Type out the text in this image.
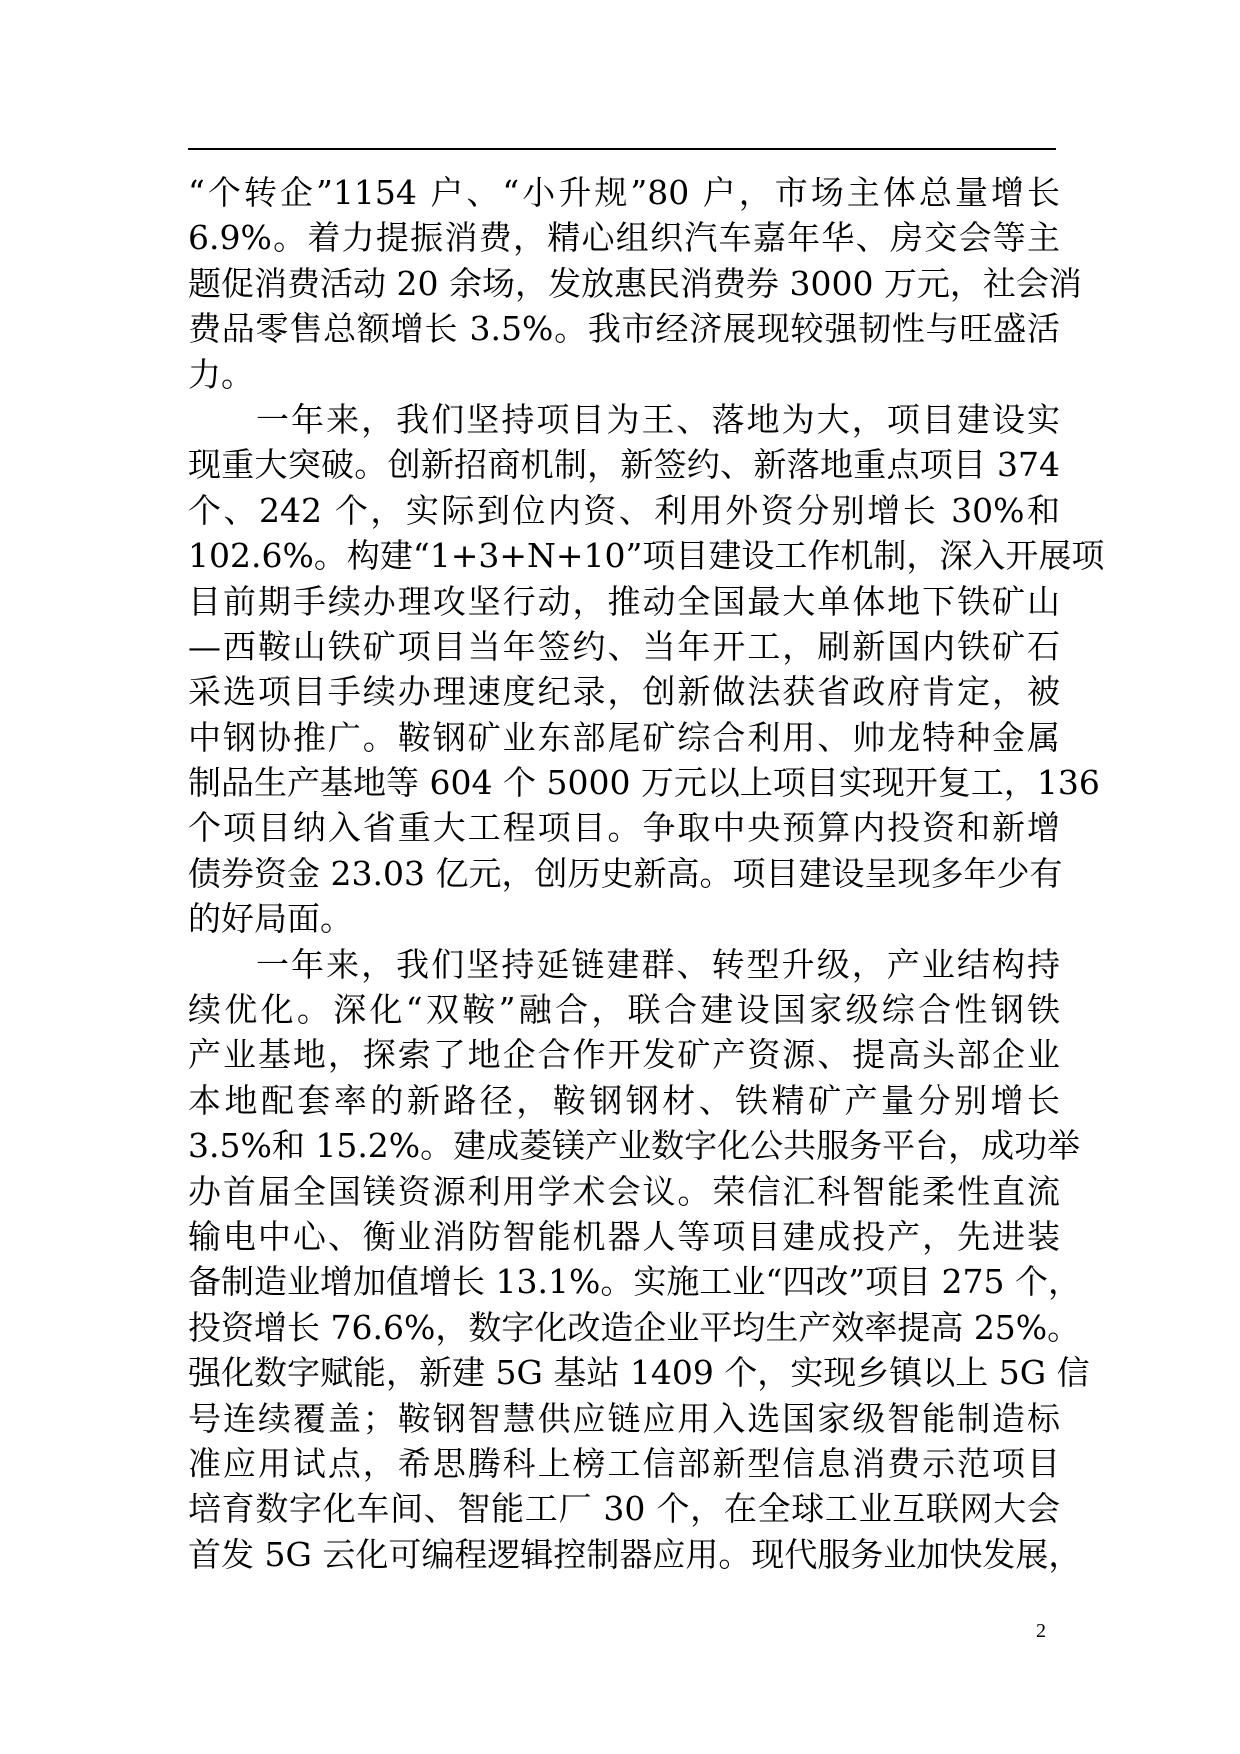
“个转企”1154 户、“小升规”80 户，市场主体总量增长
6.9%。着力提振消费，精心组织汽车嘉年华、房交会等主
题促消费活动 20 余场，发放惠民消费券 3000 万元，社会消
费品零售总额增长 3.5%。我市经济展现较强韧性与旺盛活
力。
一年来，我们坚持项目为王、落地为大，项目建设实
现重大突破。创新招商机制，新签约、新落地重点项目 374
个、242 个，实际到位内资、利用外资分别增长 30%和
102.6%。构建“1+3+N+10”项目建设工作机制，深入开展项
目前期手续办理攻坚行动，推动全国最大单体地下铁矿山
—西鞍山铁矿项目当年签约、当年开工，刷新国内铁矿石
采选项目手续办理速度纪录，创新做法获省政府肯定，被
中钢协推广。鞍钢矿业东部尾矿综合利用、帅龙特种金属
制品生产基地等 604 个 5000 万元以上项目实现开复工，136
个项目纳入省重大工程项目。争取中央预算内投资和新增
债券资金 23.03 亿元，创历史新高。项目建设呈现多年少有
的好局面。
一年来，我们坚持延链建群、转型升级，产业结构持
续优化。深化“双鞍”融合，联合建设国家级综合性钢铁
产业基地，探索了地企合作开发矿产资源、提高头部企业
本地配套率的新路径，鞍钢钢材、铁精矿产量分别增长
3.5%和 15.2%。建成菱镁产业数字化公共服务平台，成功举
办首届全国镁资源利用学术会议。荣信汇科智能柔性直流
输电中心、衡业消防智能机器人等项目建成投产，先进装
备制造业增加值增长 13.1%。实施工业“四改”项目 275 个，
投资增长 76.6%，数字化改造企业平均生产效率提高 25%。
强化数字赋能，新建 5G 基站 1409 个，实现乡镇以上 5G 信
号连续覆盖；鞍钢智慧供应链应用入选国家级智能制造标
准应用试点，希思腾科上榜工信部新型信息消费示范项目
培育数字化车间、智能工厂 30 个，在全球工业互联网大会
首发 5G 云化可编程逻辑控制器应用。现代服务业加快发展，
2
